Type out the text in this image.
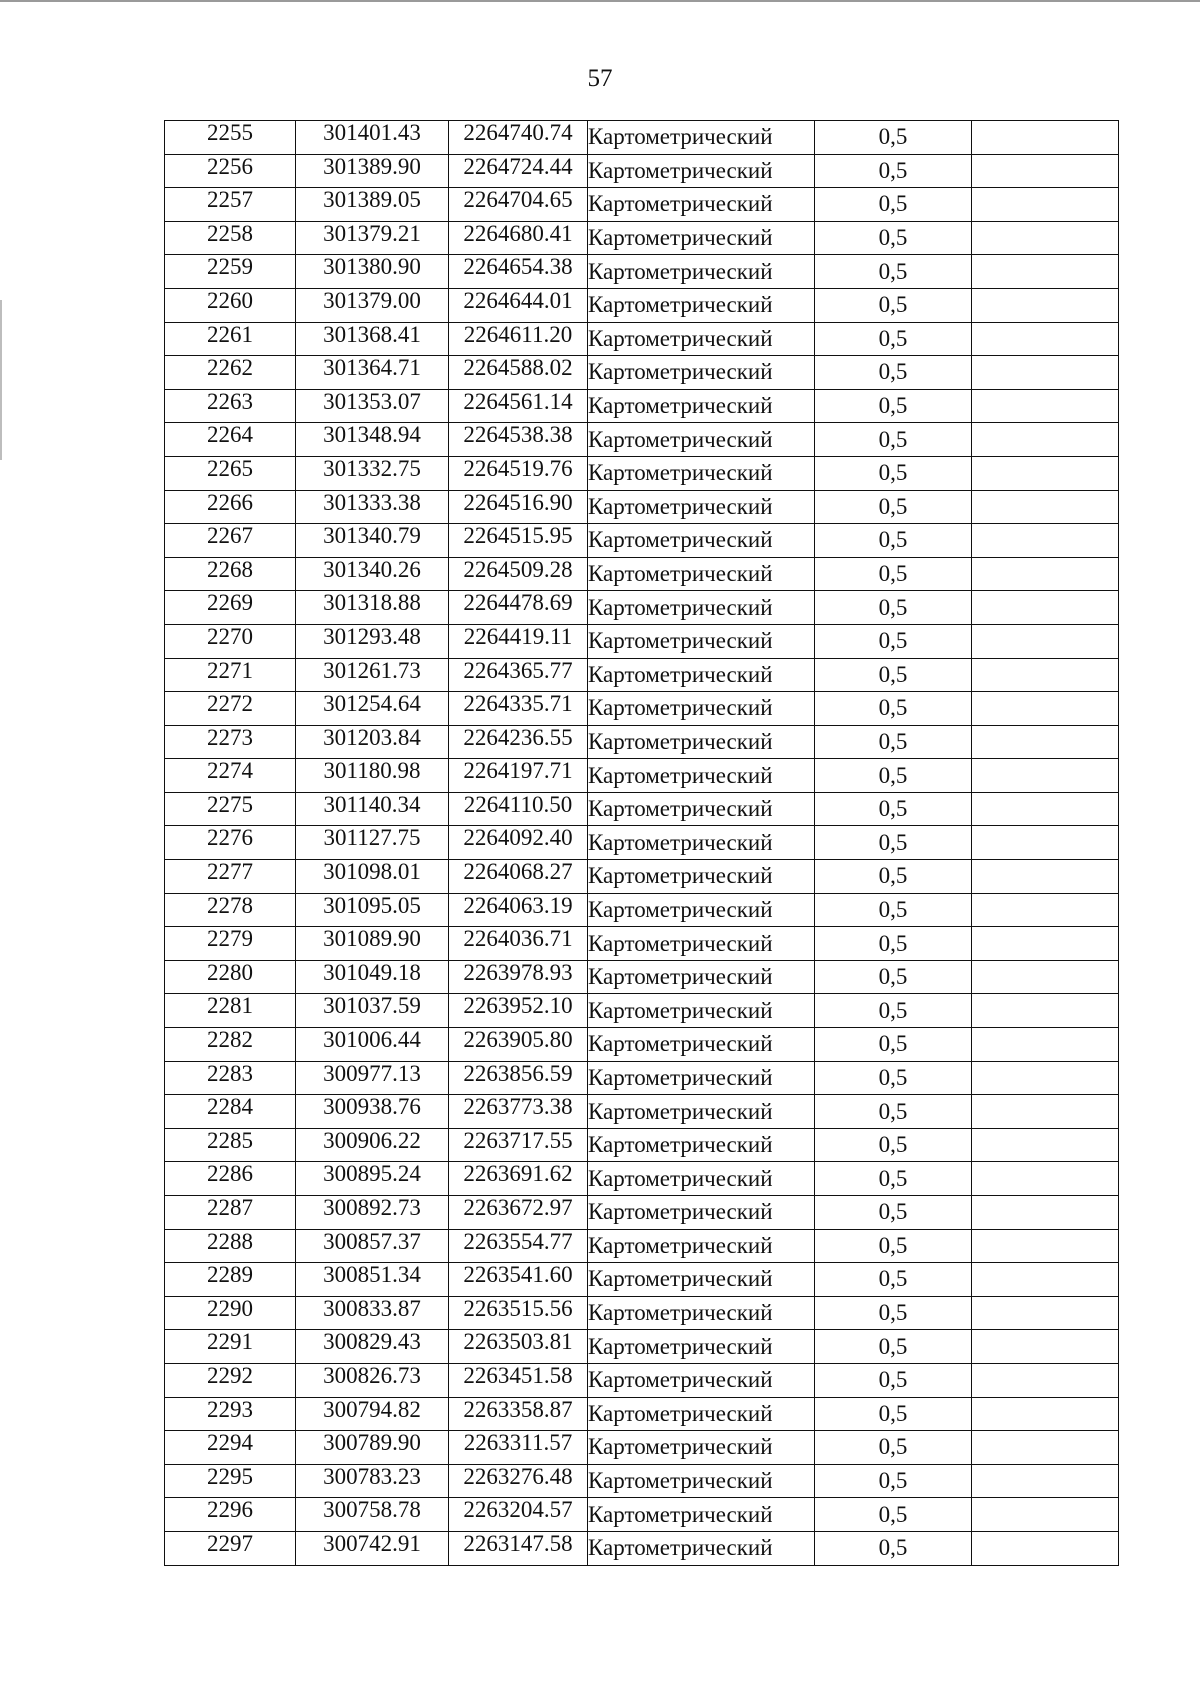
57
2255	301401.43	2264740.74	Картометрический	0,5	
2256	301389.90	2264724.44	Картометрический	0,5	
2257	301389.05	2264704.65	Картометрический	0,5	
2258	301379.21	2264680.41	Картометрический	0,5	
2259	301380.90	2264654.38	Картометрический	0,5	
2260	301379.00	2264644.01	Картометрический	0,5	
2261	301368.41	2264611.20	Картометрический	0,5	
2262	301364.71	2264588.02	Картометрический	0,5	
2263	301353.07	2264561.14	Картометрический	0,5	
2264	301348.94	2264538.38	Картометрический	0,5	
2265	301332.75	2264519.76	Картометрический	0,5	
2266	301333.38	2264516.90	Картометрический	0,5	
2267	301340.79	2264515.95	Картометрический	0,5	
2268	301340.26	2264509.28	Картометрический	0,5	
2269	301318.88	2264478.69	Картометрический	0,5	
2270	301293.48	2264419.11	Картометрический	0,5	
2271	301261.73	2264365.77	Картометрический	0,5	
2272	301254.64	2264335.71	Картометрический	0,5	
2273	301203.84	2264236.55	Картометрический	0,5	
2274	301180.98	2264197.71	Картометрический	0,5	
2275	301140.34	2264110.50	Картометрический	0,5	
2276	301127.75	2264092.40	Картометрический	0,5	
2277	301098.01	2264068.27	Картометрический	0,5	
2278	301095.05	2264063.19	Картометрический	0,5	
2279	301089.90	2264036.71	Картометрический	0,5	
2280	301049.18	2263978.93	Картометрический	0,5	
2281	301037.59	2263952.10	Картометрический	0,5	
2282	301006.44	2263905.80	Картометрический	0,5	
2283	300977.13	2263856.59	Картометрический	0,5	
2284	300938.76	2263773.38	Картометрический	0,5	
2285	300906.22	2263717.55	Картометрический	0,5	
2286	300895.24	2263691.62	Картометрический	0,5	
2287	300892.73	2263672.97	Картометрический	0,5	
2288	300857.37	2263554.77	Картометрический	0,5	
2289	300851.34	2263541.60	Картометрический	0,5	
2290	300833.87	2263515.56	Картометрический	0,5	
2291	300829.43	2263503.81	Картометрический	0,5	
2292	300826.73	2263451.58	Картометрический	0,5	
2293	300794.82	2263358.87	Картометрический	0,5	
2294	300789.90	2263311.57	Картометрический	0,5	
2295	300783.23	2263276.48	Картометрический	0,5	
2296	300758.78	2263204.57	Картометрический	0,5	
2297	300742.91	2263147.58	Картометрический	0,5	
